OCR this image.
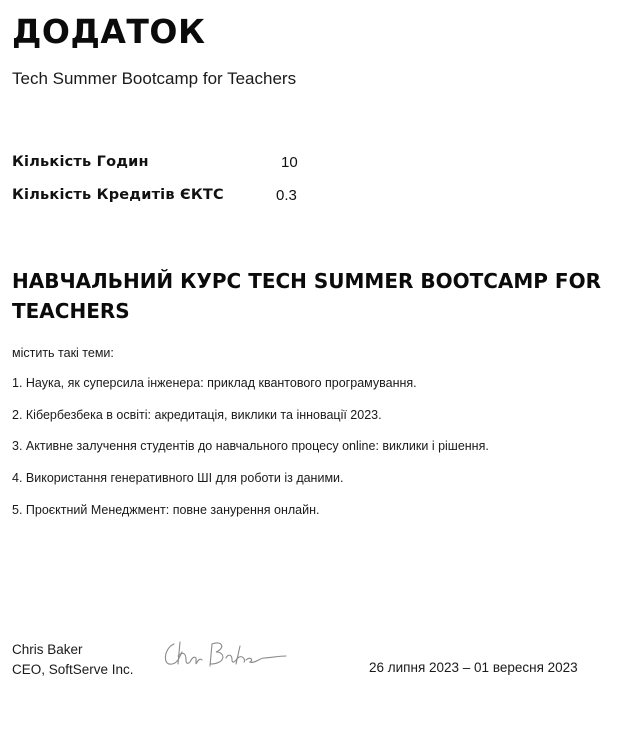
ДОДАТОК
Tech Summer Bootcamp for Teachers
Кількість Годин	10
Кількість Кредитів ЄКТС	0.3
НАВЧАЛЬНИЙ КУРС TECH SUMMER BOOTCAMP FOR TEACHERS
містить такі теми:
1. Наука, як суперсила інженера: приклад квантового програмування.
2. Кібербезбека в освіті: акредитація, виклики та інновації 2023.
3. Активне залучення студентів до навчального процесу online: виклики і рішення.
4. Використання генеративного ШІ для роботи із даними.
5. Проєктний Менеджмент: повне занурення онлайн.
Chris Baker
CEO, SoftServe Inc.	26 липня 2023 – 01 вересня 2023
